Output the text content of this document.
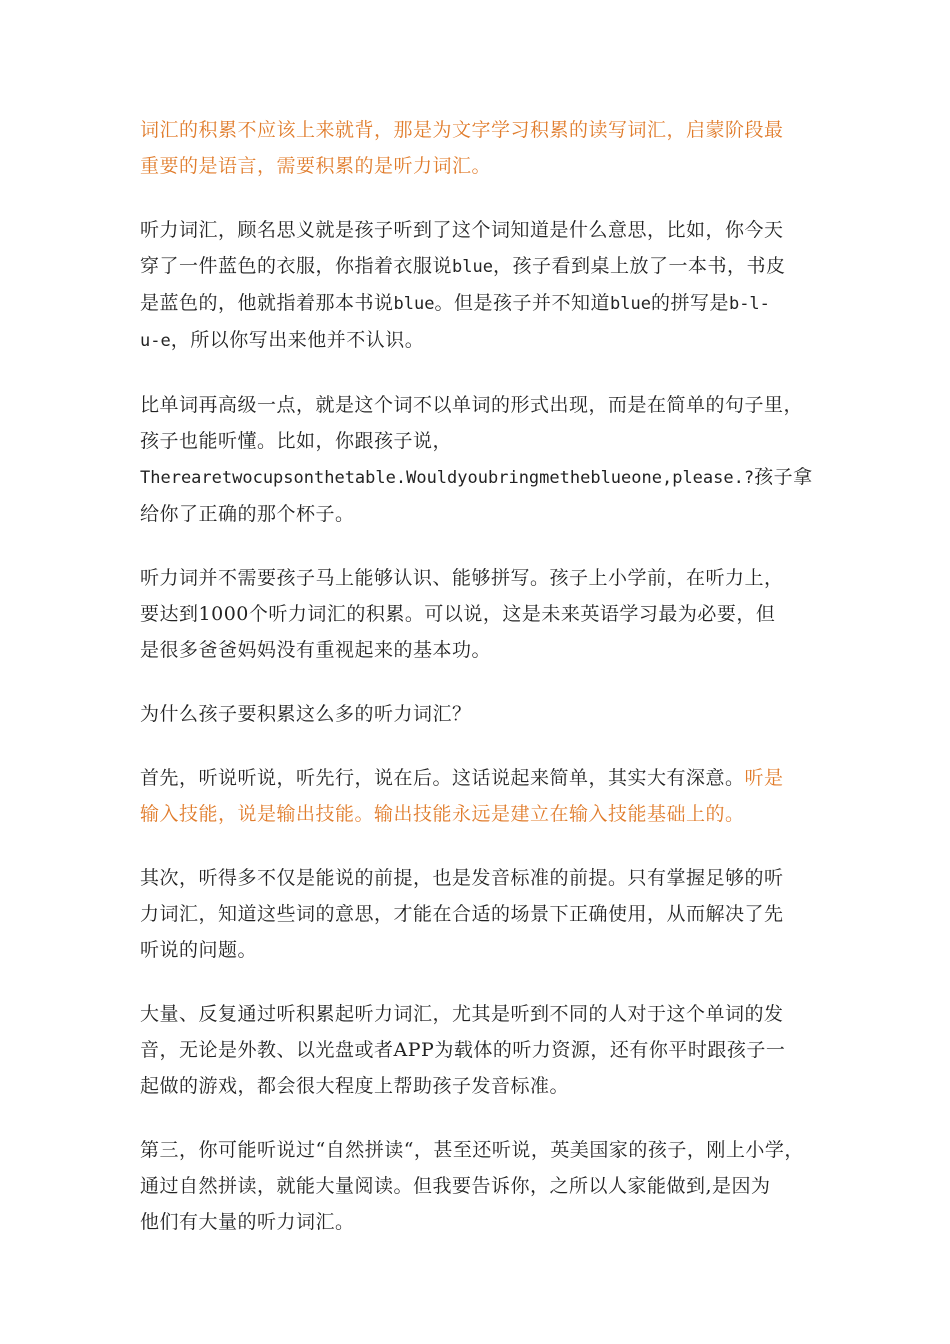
词汇的积累不应该上来就背，那是为文字学习积累的读写词汇，启蒙阶段最
重要的是语言，需要积累的是听力词汇。

听力词汇，顾名思义就是孩子听到了这个词知道是什么意思，比如，你今天
穿了一件蓝色的衣服，你指着衣服说blue，孩子看到桌上放了一本书，书皮
是蓝色的，他就指着那本书说blue。但是孩子并不知道blue的拼写是b-l-
u-e，所以你写出来他并不认识。

比单词再高级一点，就是这个词不以单词的形式出现，而是在简单的句子里，
孩子也能听懂。比如，你跟孩子说，
Therearetwocupsonthetable.Wouldyoubringmetheblueone,please.?孩子拿
给你了正确的那个杯子。

听力词并不需要孩子马上能够认识、能够拼写。孩子上小学前，在听力上，
要达到1000个听力词汇的积累。可以说，这是未来英语学习最为必要，但
是很多爸爸妈妈没有重视起来的基本功。

为什么孩子要积累这么多的听力词汇？

首先，听说听说，听先行，说在后。这话说起来简单，其实大有深意。听是
输入技能，说是输出技能。输出技能永远是建立在输入技能基础上的。

其次，听得多不仅是能说的前提，也是发音标准的前提。只有掌握足够的听
力词汇，知道这些词的意思，才能在合适的场景下正确使用，从而解决了先
听说的问题。

大量、反复通过听积累起听力词汇，尤其是听到不同的人对于这个单词的发
音，无论是外教、以光盘或者APP为载体的听力资源，还有你平时跟孩子一
起做的游戏，都会很大程度上帮助孩子发音标准。

第三，你可能听说过“自然拼读“，甚至还听说，英美国家的孩子，刚上小学，
通过自然拼读，就能大量阅读。但我要告诉你，之所以人家能做到,是因为
他们有大量的听力词汇。
